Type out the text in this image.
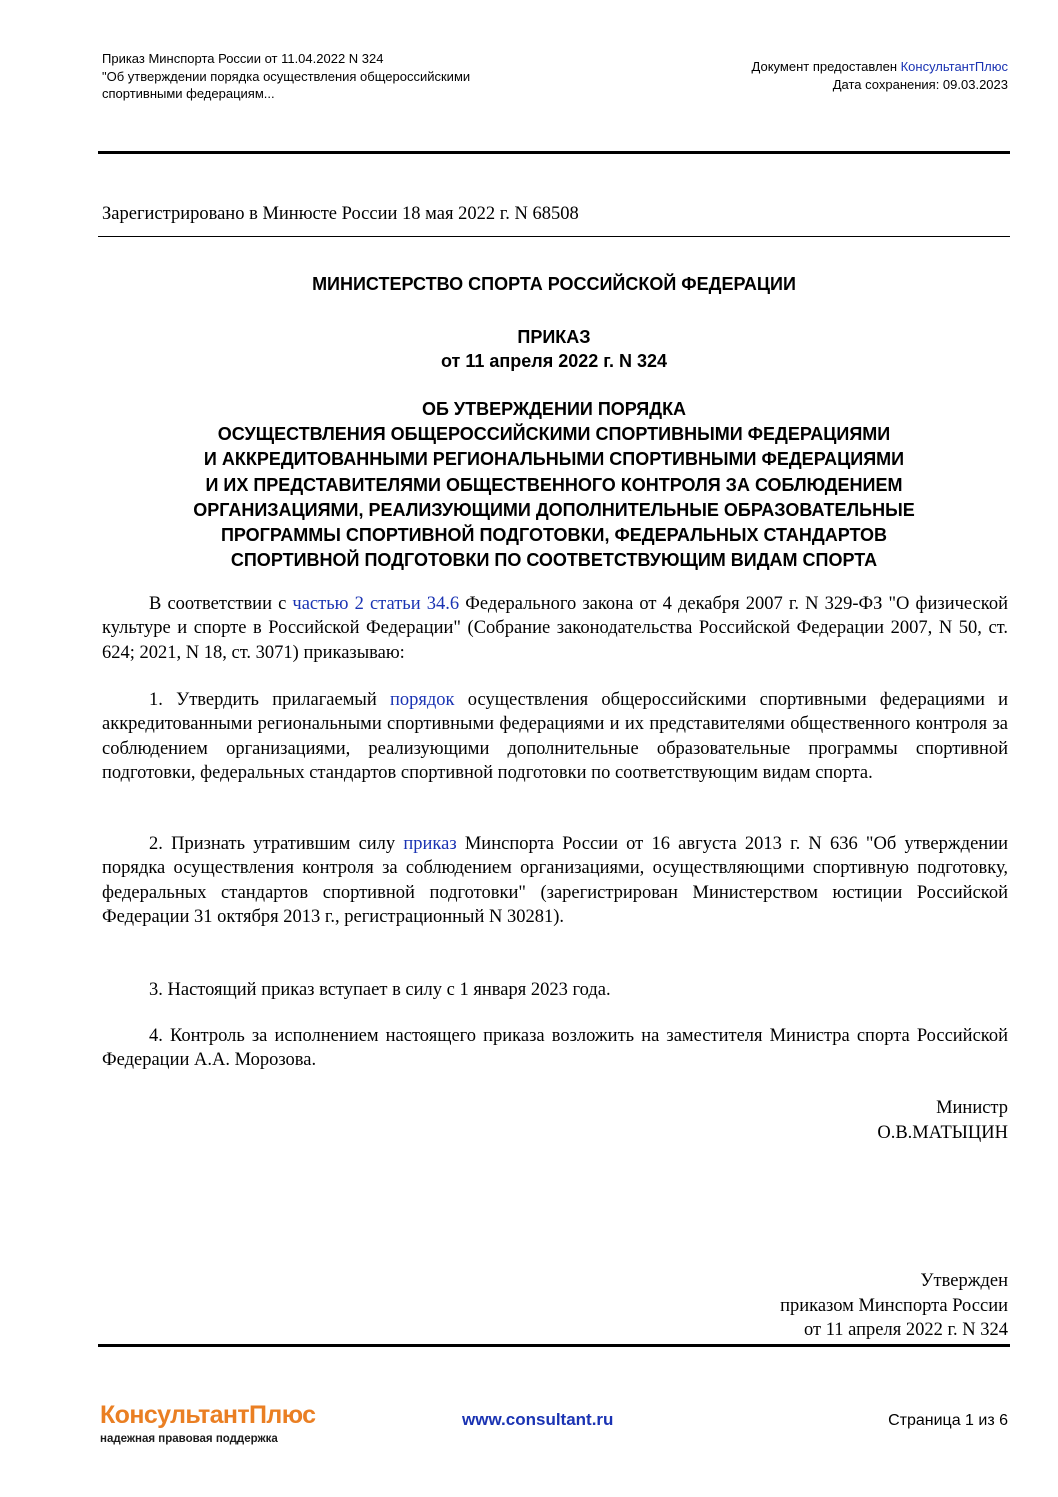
Приказ Минспорта России от 11.04.2022 N 324
"Об утверждении порядка осуществления общероссийскими
спортивными федерациям...
Документ предоставлен КонсультантПлюс
Дата сохранения: 09.03.2023
Зарегистрировано в Минюсте России 18 мая 2022 г. N 68508
МИНИСТЕРСТВО СПОРТА РОССИЙСКОЙ ФЕДЕРАЦИИ
ПРИКАЗ
от 11 апреля 2022 г. N 324
ОБ УТВЕРЖДЕНИИ ПОРЯДКА
ОСУЩЕСТВЛЕНИЯ ОБЩЕРОССИЙСКИМИ СПОРТИВНЫМИ ФЕДЕРАЦИЯМИ
И АККРЕДИТОВАННЫМИ РЕГИОНАЛЬНЫМИ СПОРТИВНЫМИ ФЕДЕРАЦИЯМИ
И ИХ ПРЕДСТАВИТЕЛЯМИ ОБЩЕСТВЕННОГО КОНТРОЛЯ ЗА СОБЛЮДЕНИЕМ
ОРГАНИЗАЦИЯМИ, РЕАЛИЗУЮЩИМИ ДОПОЛНИТЕЛЬНЫЕ ОБРАЗОВАТЕЛЬНЫЕ
ПРОГРАММЫ СПОРТИВНОЙ ПОДГОТОВКИ, ФЕДЕРАЛЬНЫХ СТАНДАРТОВ
СПОРТИВНОЙ ПОДГОТОВКИ ПО СООТВЕТСТВУЮЩИМ ВИДАМ СПОРТА

В соответствии с частью 2 статьи 34.6 Федерального закона от 4 декабря 2007 г. N 329-ФЗ "О физической культуре и спорте в Российской Федерации" (Собрание законодательства Российской Федерации 2007, N 50, ст. 624; 2021, N 18, ст. 3071) приказываю:

1. Утвердить прилагаемый порядок осуществления общероссийскими спортивными федерациями и аккредитованными региональными спортивными федерациями и их представителями общественного контроля за соблюдением организациями, реализующими дополнительные образовательные программы спортивной подготовки, федеральных стандартов спортивной подготовки по соответствующим видам спорта.

2. Признать утратившим силу приказ Минспорта России от 16 августа 2013 г. N 636 "Об утверждении порядка осуществления контроля за соблюдением организациями, осуществляющими спортивную подготовку, федеральных стандартов спортивной подготовки" (зарегистрирован Министерством юстиции Российской Федерации 31 октября 2013 г., регистрационный N 30281).

3. Настоящий приказ вступает в силу с 1 января 2023 года.

4. Контроль за исполнением настоящего приказа возложить на заместителя Министра спорта Российской Федерации А.А. Морозова.

Министр
О.В.МАТЫЦИН
Утвержден
приказом Минспорта России
от 11 апреля 2022 г. N 324
КонсультантПлюс
надежная правовая поддержка
www.consultant.ru	Страница 1 из 6
